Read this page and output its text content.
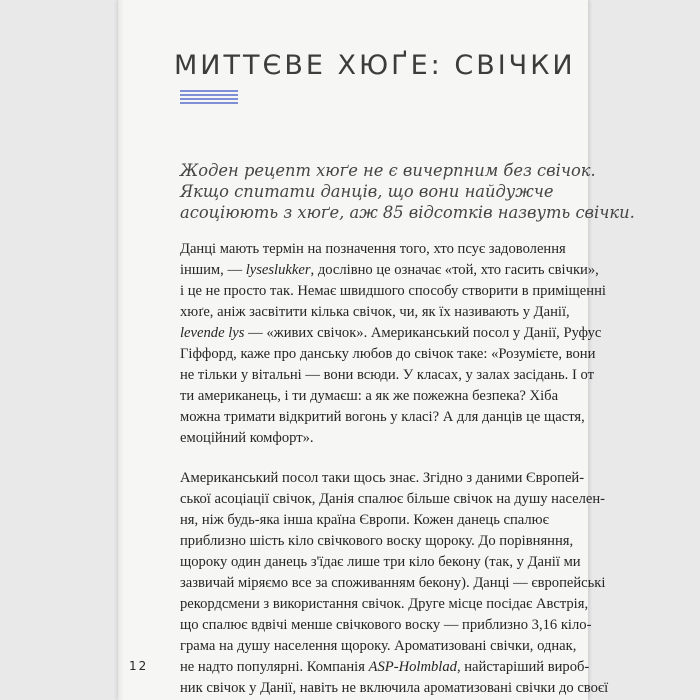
МИТТЄВЕ ХЮҐЕ: СВІЧКИ
Жоден рецепт хюґе не є вичерпним без свічок.
Якщо спитати данців, що вони найдужче
асоціюють з хюґе, аж 85 відсотків назвуть свічки.
Данці мають термін на позначення того, хто псує задоволення
іншим, — lyseslukker, дослівно це означає «той, хто гасить свічки»,
і це не просто так. Немає швидшого способу створити в приміщенні
хюґе, аніж засвітити кілька свічок, чи, як їх називають у Данії,
levende lys — «живих свічок». Американський посол у Данії, Руфус
Гіффорд, каже про данську любов до свічок таке: «Розумієте, вони
не тільки у вітальні — вони всюди. У класах, у залах засідань. І от
ти американець, і ти думаєш: а як же пожежна безпека? Хіба
можна тримати відкритий вогонь у класі? А для данців це щастя,
емоційний комфорт».
Американський посол таки щось знає. Згідно з даними Європей-
ської асоціації свічок, Данія спалює більше свічок на душу населен-
ня, ніж будь-яка інша країна Європи. Кожен данець спалює
приблизно шість кіло свічкового воску щороку. До порівняння,
щороку один данець з'їдає лише три кіло бекону (так, у Данії ми
зазвичай міряємо все за споживанням бекону). Данці — європейські
рекордсмени з використання свічок. Друге місце посідає Австрія,
що спалює вдвічі менше свічкового воску — приблизно 3,16 кіло-
грама на душу населення щороку. Ароматизовані свічки, однак,
не надто популярні. Компанія ASP-Holmblad, найстаріший вироб-
ник свічок у Данії, навіть не включила ароматизовані свічки до своєї
12
